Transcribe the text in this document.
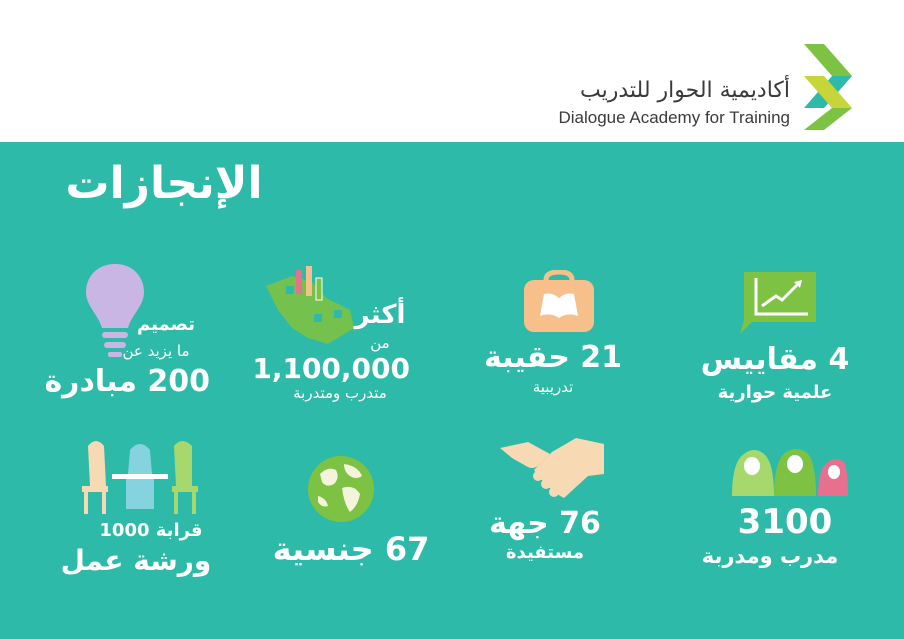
أكاديمية الحوار للتدريب
Dialogue Academy for Training
الإنجازات
4 مقاييس
علمية حوارية
21 حقيبة
تدريبية
أكثر
من
1,100,000
متدرب ومتدربة
تصميم
ما يزيد عن
200 مبادرة
3100
مدرب ومدربة
76 جهة
مستفيدة
67 جنسية
قرابة 1000
ورشة عمل
